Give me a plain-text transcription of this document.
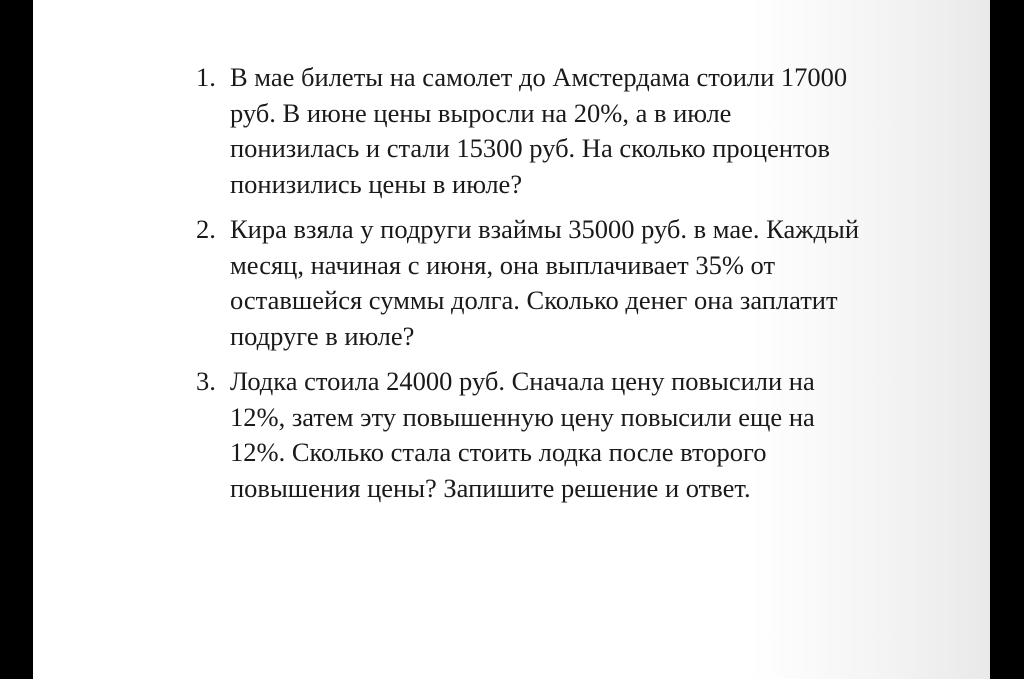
1. В мае билеты на самолет до Амстердама стоили 17000
руб. В июне цены выросли на 20%, а в июле
понизилась и стали 15300 руб. На сколько процентов
понизились цены в июле?
2. Кира взяла у подруги взаймы 35000 руб. в мае. Каждый
месяц, начиная с июня, она выплачивает 35% от
оставшейся суммы долга. Сколько денег она заплатит
подруге в июле?
3. Лодка стоила 24000 руб. Сначала цену повысили на
12%, затем эту повышенную цену повысили еще на
12%. Сколько стала стоить лодка после второго
повышения цены? Запишите решение и ответ.
